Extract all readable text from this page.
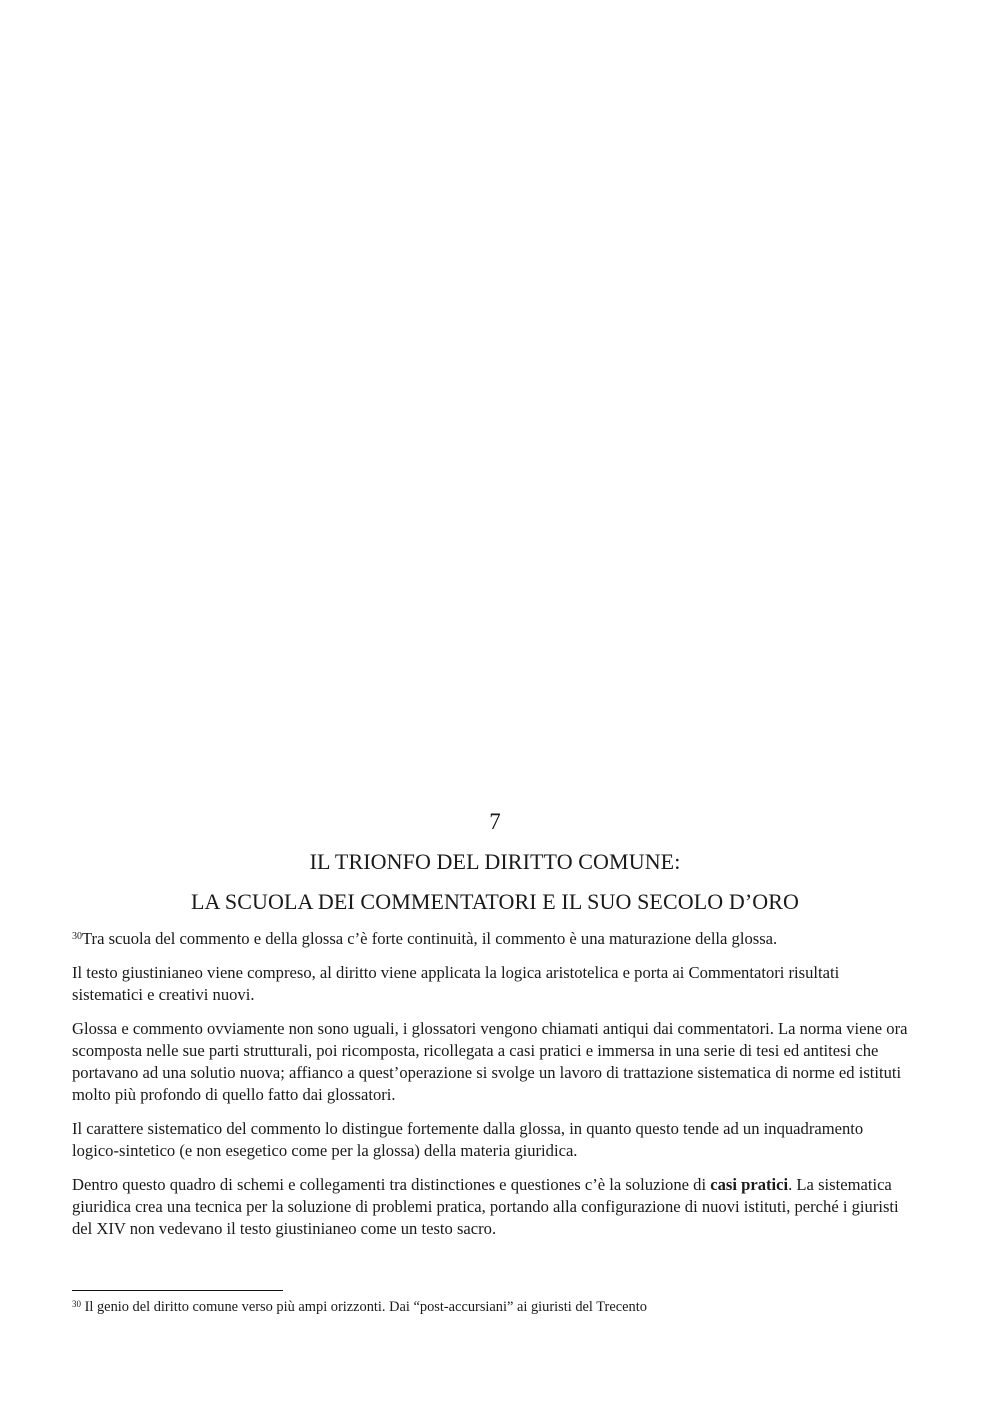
7
IL TRIONFO DEL DIRITTO COMUNE:
LA SCUOLA DEI COMMENTATORI E IL SUO SECOLO D’ORO

$^{30}$Tra scuola del commento e della glossa c’è forte continuità, il commento è una maturazione della glossa.

Il testo giustinianeo viene compreso, al diritto viene applicata la logica aristotelica e porta ai Commentatori risultati sistematici e creativi nuovi.

Glossa e commento ovviamente non sono uguali, i glossatori vengono chiamati antiqui dai commentatori. La norma viene ora scomposta nelle sue parti strutturali, poi ricomposta, ricollegata a casi pratici e immersa in una serie di tesi ed antitesi che portavano ad una solutio nuova; affianco a quest’operazione si svolge un lavoro di trattazione sistematica di norme ed istituti molto più profondo di quello fatto dai glossatori.

Il carattere sistematico del commento lo distingue fortemente dalla glossa, in quanto questo tende ad un inquadramento logico-sintetico (e non esegetico come per la glossa) della materia giuridica.

Dentro questo quadro di schemi e collegamenti tra distinctiones e questiones c’è la soluzione di casi pratici. La sistematica giuridica crea una tecnica per la soluzione di problemi pratica, portando alla configurazione di nuovi istituti, perché i giuristi del XIV non vedevano il testo giustinianeo come un testo sacro.

$^{30}$ Il genio del diritto comune verso più ampi orizzonti. Dai “post-accursiani” ai giuristi del Trecento
